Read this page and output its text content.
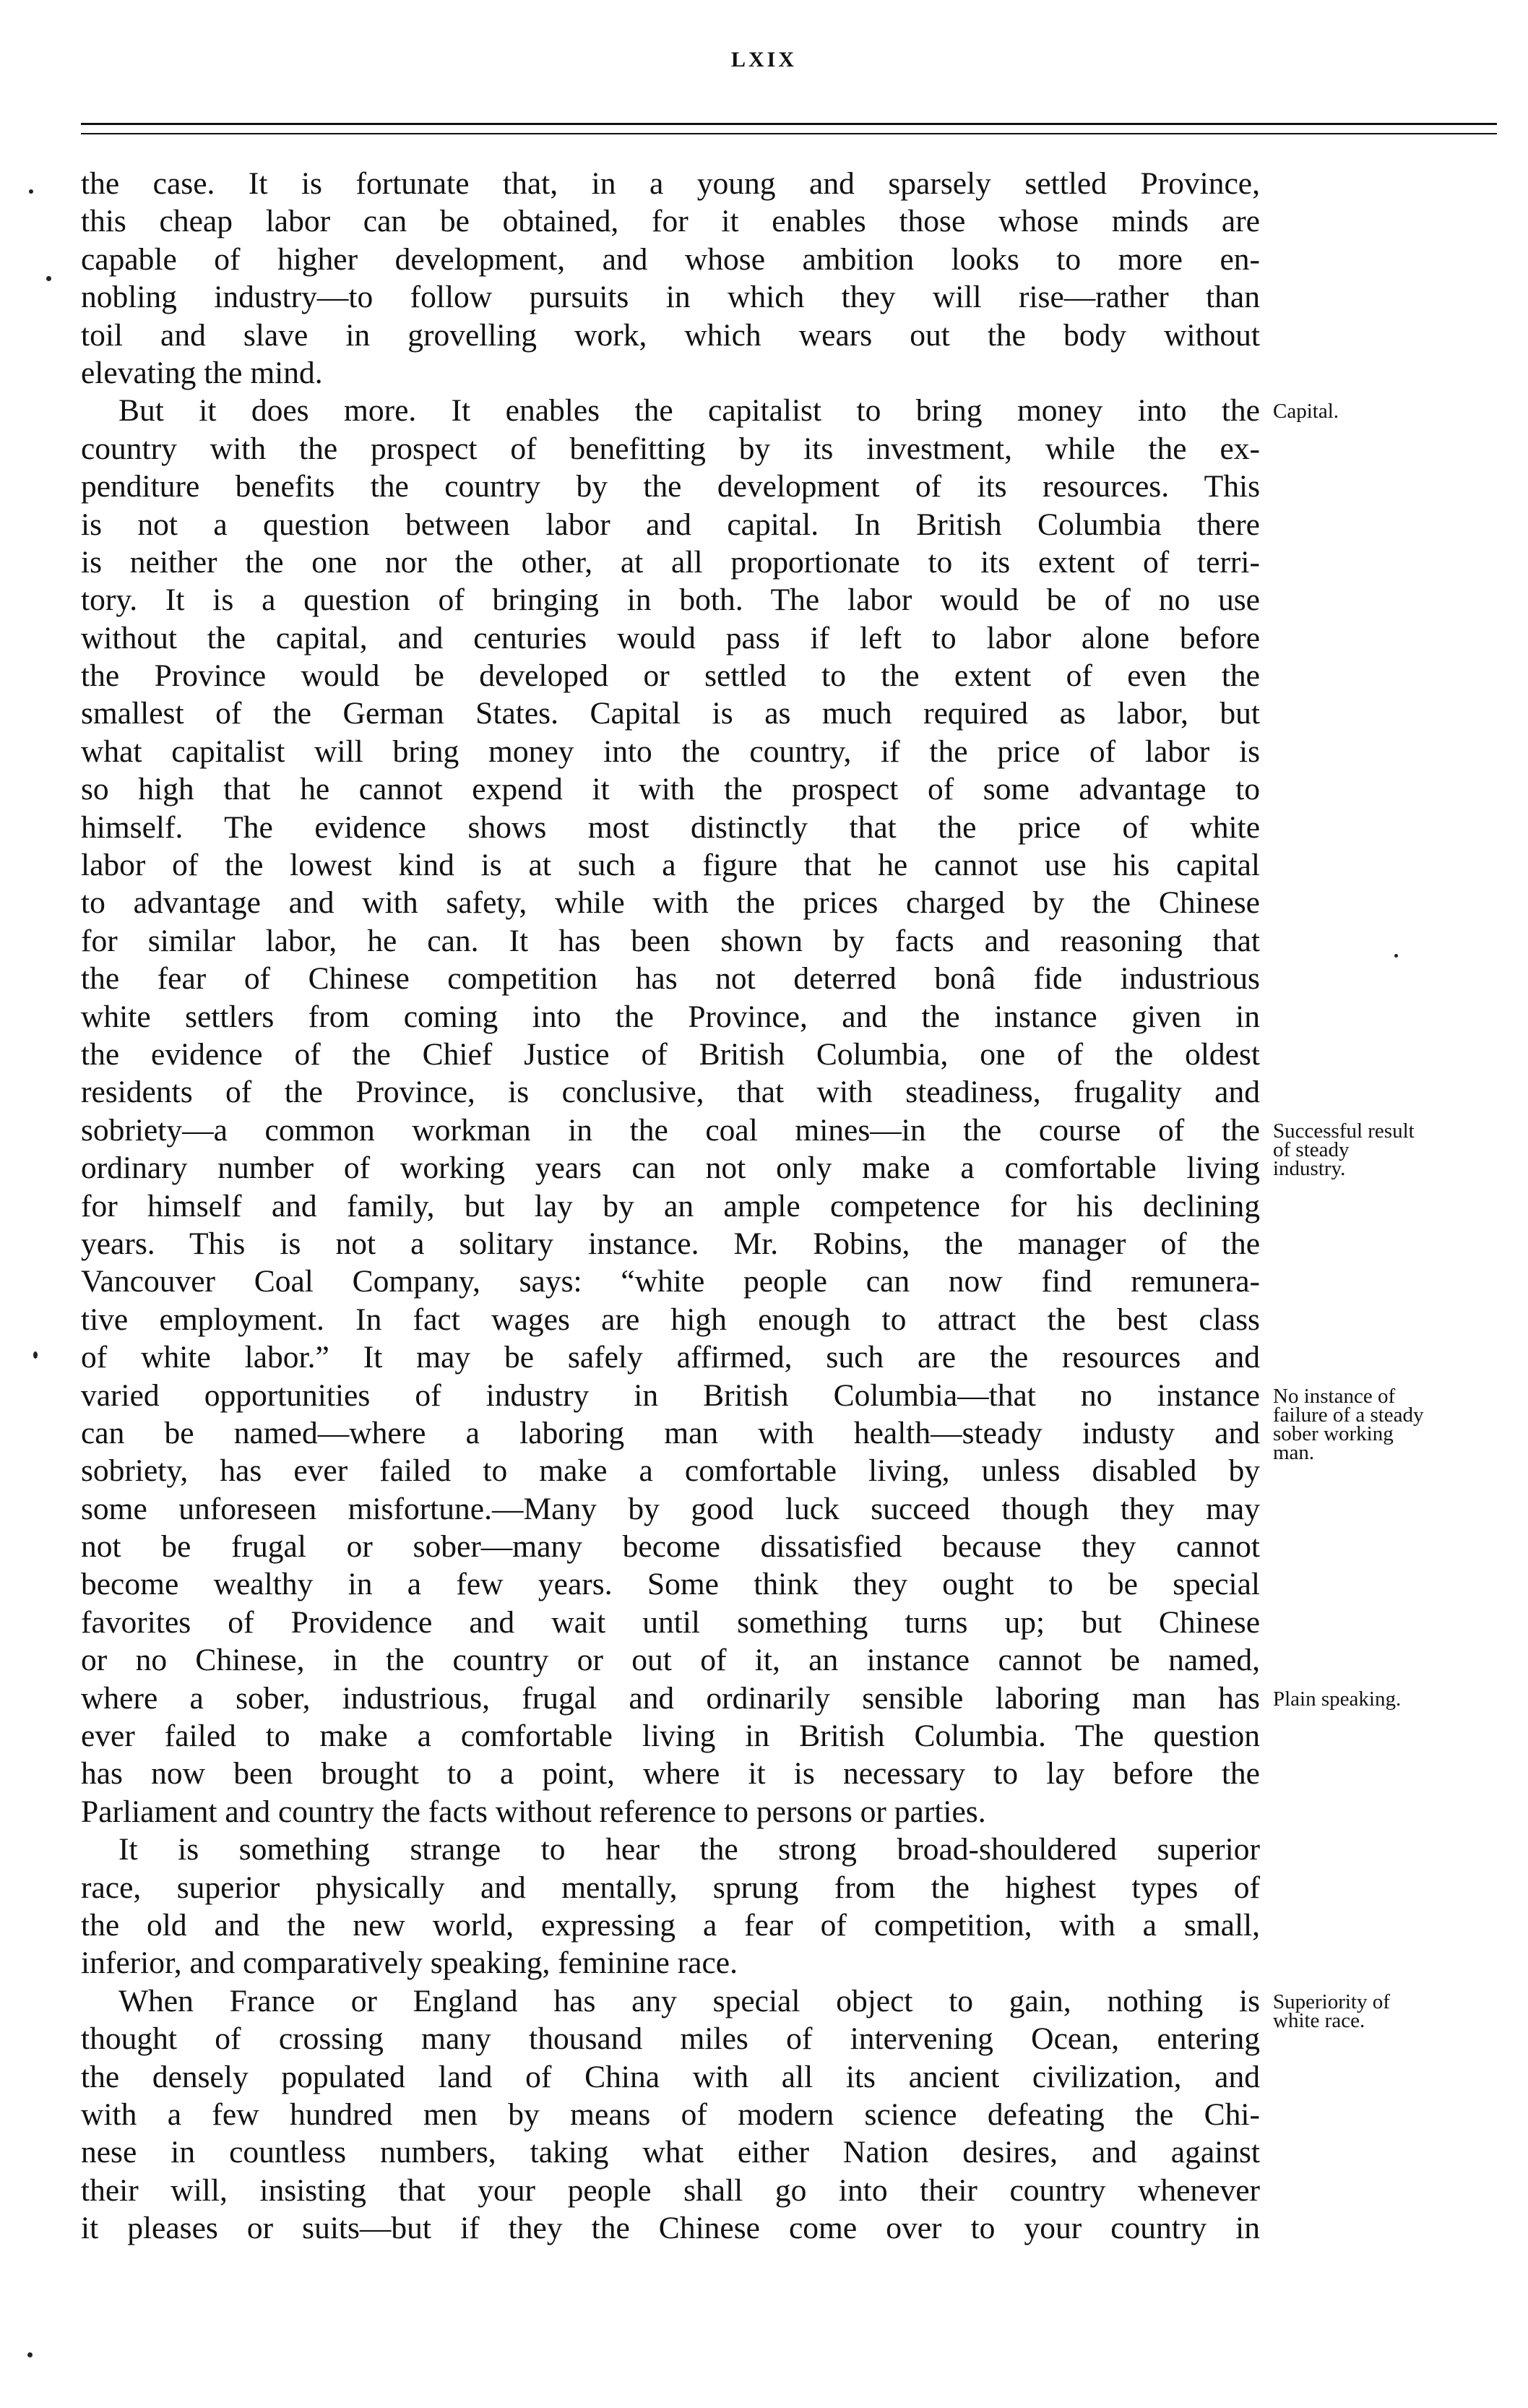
LXIX
the case. It is fortunate that, in a young and sparsely settled Province,
this cheap labor can be obtained, for it enables those whose minds are
capable of higher development, and whose ambition looks to more en-
nobling industry—to follow pursuits in which they will rise—rather than
toil and slave in grovelling work, which wears out the body without
elevating the mind.
But it does more. It enables the capitalist to bring money into the
country with the prospect of benefitting by its investment, while the ex-
penditure benefits the country by the development of its resources. This
is not a question between labor and capital. In British Columbia there
is neither the one nor the other, at all proportionate to its extent of terri-
tory. It is a question of bringing in both. The labor would be of no use
without the capital, and centuries would pass if left to labor alone before
the Province would be developed or settled to the extent of even the
smallest of the German States. Capital is as much required as labor, but
what capitalist will bring money into the country, if the price of labor is
so high that he cannot expend it with the prospect of some advantage to
himself. The evidence shows most distinctly that the price of white
labor of the lowest kind is at such a figure that he cannot use his capital
to advantage and with safety, while with the prices charged by the Chinese
for similar labor, he can. It has been shown by facts and reasoning that
the fear of Chinese competition has not deterred bonâ fide industrious
white settlers from coming into the Province, and the instance given in
the evidence of the Chief Justice of British Columbia, one of the oldest
residents of the Province, is conclusive, that with steadiness, frugality and
sobriety—a common workman in the coal mines—in the course of the
ordinary number of working years can not only make a comfortable living
for himself and family, but lay by an ample competence for his declining
years. This is not a solitary instance. Mr. Robins, the manager of the
Vancouver Coal Company, says: “white people can now find remunera-
tive employment. In fact wages are high enough to attract the best class
of white labor.” It may be safely affirmed, such are the resources and
varied opportunities of industry in British Columbia—that no instance
can be named—where a laboring man with health—steady industy and
sobriety, has ever failed to make a comfortable living, unless disabled by
some unforeseen misfortune.—Many by good luck succeed though they may
not be frugal or sober—many become dissatisfied because they cannot
become wealthy in a few years. Some think they ought to be special
favorites of Providence and wait until something turns up; but Chinese
or no Chinese, in the country or out of it, an instance cannot be named,
where a sober, industrious, frugal and ordinarily sensible laboring man has
ever failed to make a comfortable living in British Columbia. The question
has now been brought to a point, where it is necessary to lay before the
Parliament and country the facts without reference to persons or parties.
It is something strange to hear the strong broad-shouldered superior
race, superior physically and mentally, sprung from the highest types of
the old and the new world, expressing a fear of competition, with a small,
inferior, and comparatively speaking, feminine race.
When France or England has any special object to gain, nothing is
thought of crossing many thousand miles of intervening Ocean, entering
the densely populated land of China with all its ancient civilization, and
with a few hundred men by means of modern science defeating the Chi-
nese in countless numbers, taking what either Nation desires, and against
their will, insisting that your people shall go into their country whenever
it pleases or suits—but if they the Chinese come over to your country in
Capital.
Successful result
of steady
industry.
No instance of
failure of a steady
sober working
man.
Plain speaking.
Superiority of
white race.
